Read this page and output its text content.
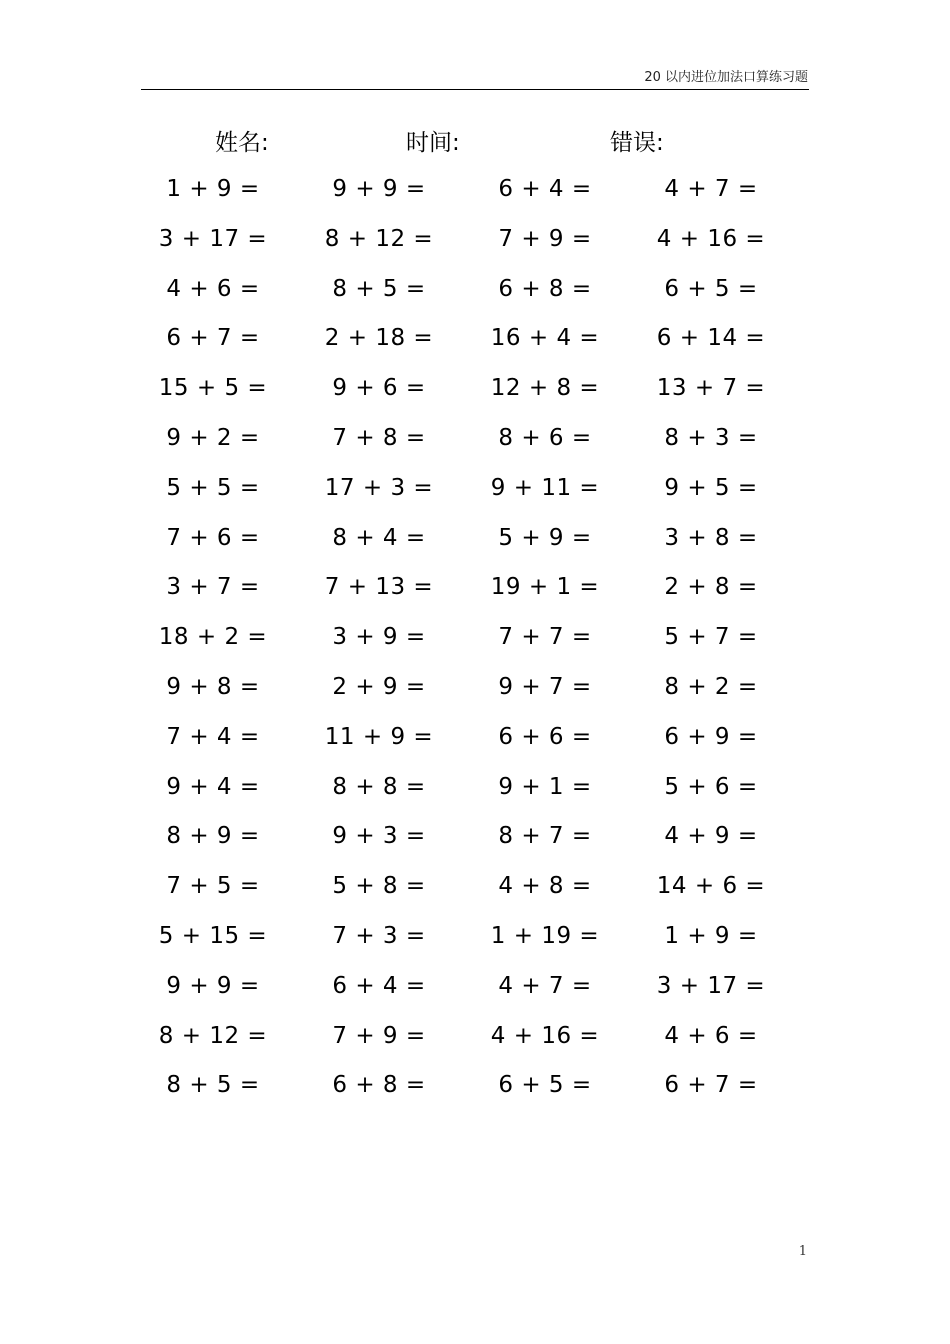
20 以内进位加法口算练习题
姓名:	时间:	错误:
1 + 9 =	9 + 9 =	6 + 4 =	4 + 7 =
3 + 17 =	8 + 12 =	7 + 9 =	4 + 16 =
4 + 6 =	8 + 5 =	6 + 8 =	6 + 5 =
6 + 7 =	2 + 18 =	16 + 4 =	6 + 14 =
15 + 5 =	9 + 6 =	12 + 8 =	13 + 7 =
9 + 2 =	7 + 8 =	8 + 6 =	8 + 3 =
5 + 5 =	17 + 3 =	9 + 11 =	9 + 5 =
7 + 6 =	8 + 4 =	5 + 9 =	3 + 8 =
3 + 7 =	7 + 13 =	19 + 1 =	2 + 8 =
18 + 2 =	3 + 9 =	7 + 7 =	5 + 7 =
9 + 8 =	2 + 9 =	9 + 7 =	8 + 2 =
7 + 4 =	11 + 9 =	6 + 6 =	6 + 9 =
9 + 4 =	8 + 8 =	9 + 1 =	5 + 6 =
8 + 9 =	9 + 3 =	8 + 7 =	4 + 9 =
7 + 5 =	5 + 8 =	4 + 8 =	14 + 6 =
5 + 15 =	7 + 3 =	1 + 19 =	1 + 9 =
9 + 9 =	6 + 4 =	4 + 7 =	3 + 17 =
8 + 12 =	7 + 9 =	4 + 16 =	4 + 6 =
8 + 5 =	6 + 8 =	6 + 5 =	6 + 7 =
1
